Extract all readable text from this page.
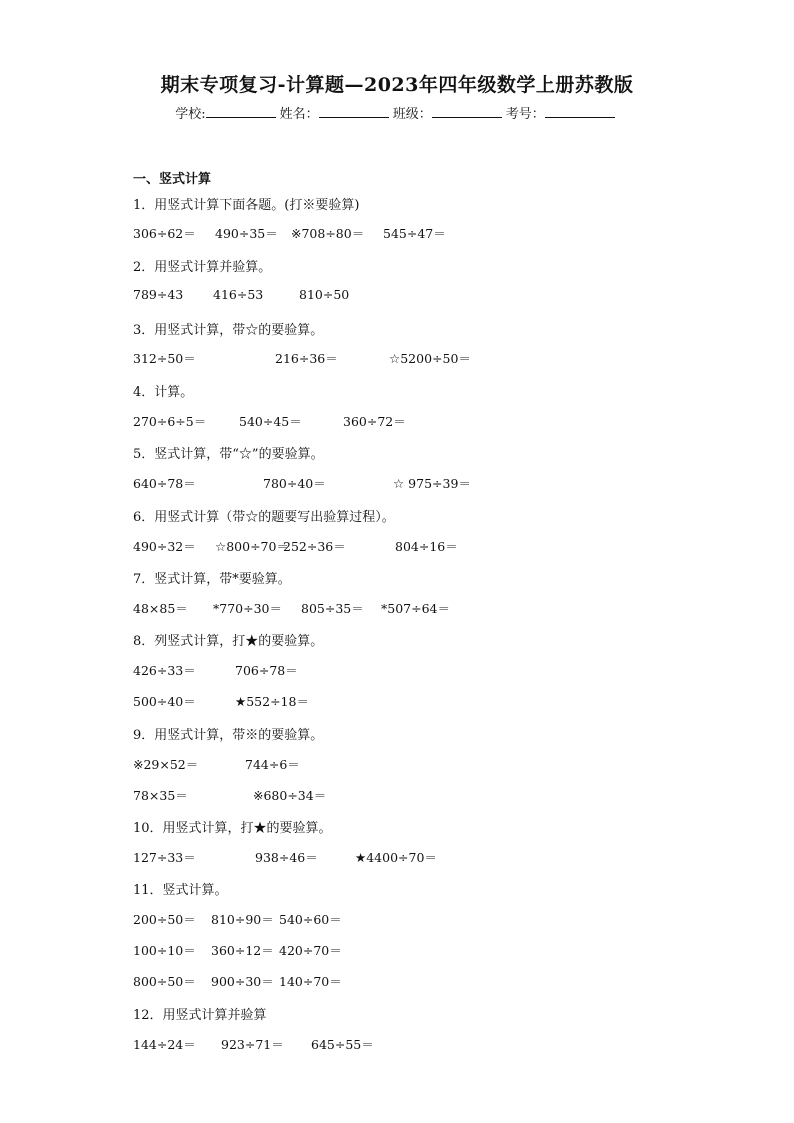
期末专项复习-计算题—2023年四年级数学上册苏教版
学校:	姓名：	班级：	考号：
一、竖式计算
1．用竖式计算下面各题。(打※要验算)
306÷62＝ 490÷35＝ ※708÷80＝ 545÷47＝
2．用竖式计算并验算。
789÷43 416÷53	810÷50
3．用竖式计算，带☆的要验算。
312÷50＝	216÷36＝	☆5200÷50＝
4．计算。
270÷6÷5＝	540÷45＝	360÷72＝
5．竖式计算，带“☆”的要验算。
640÷78＝	780÷40＝	☆ 975÷39＝
6．用竖式计算（带☆的题要写出验算过程）。
490÷32＝ ☆800÷70＝
252÷36＝	804÷16＝
7．竖式计算，带*要验算。
48×85＝ *770÷30＝ 805÷35＝ *507÷64＝
8．列竖式计算，打★的要验算。
426÷33＝	706÷78＝
500÷40＝	★552÷18＝
9．用竖式计算，带※的要验算。
※29×52＝	744÷6＝
78×35＝	※680÷34＝
10．用竖式计算，打★的要验算。
127÷33＝	938÷46＝	★4400÷70＝
11．竖式计算。
200÷50＝ 810÷90＝ 540÷60＝
100÷10＝ 360÷12＝ 420÷70＝
800÷50＝ 900÷30＝ 140÷70＝
12．用竖式计算并验算
144÷24＝ 923÷71＝ 645÷55＝
